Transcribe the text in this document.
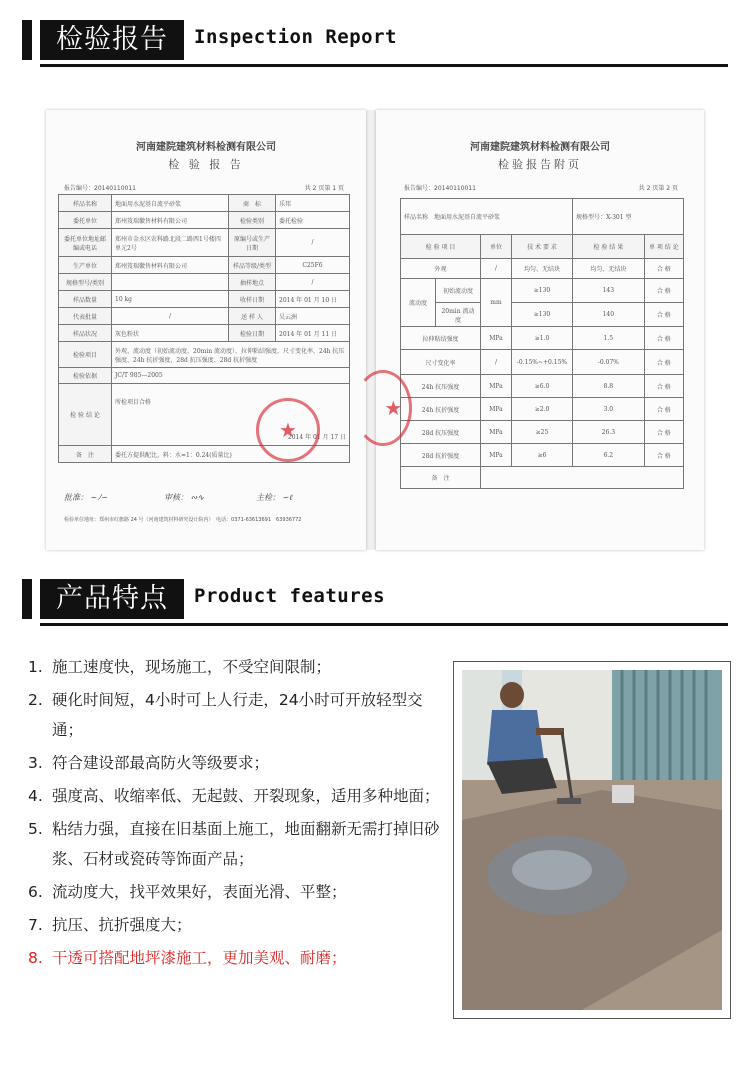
检验报告	Inspection Report
河南建院建筑材料检测有限公司
检 验 报 告
报告编号：20140110011	共 2 页第 1 页
样品名称	地面用水泥基自流平砂浆	商　标	乐邦
委托单位	郑州笈瑞徽售材料有限公司	检验类别	委托检验
委托单位地址邮编或电话	郑州市金水区农科路北段二路西1号楼四单元2号	原编号或生产日期	/
生产单位	郑州笈瑞徽售材料有限公司	样品等级/类型	C25F6
规格型号/类别		抽样地点	/
样品数量	10 kg	收样日期	2014 年 01 月 10 日
代表批量	/	送 样 人	吴云洲
样品状况	灰色粉状	检验日期	2014 年 01 月 11 日
检验项目	外观、流动度（初始流动度、20min 流动度）、拉伸粘结强度、尺寸变化率、24h 抗压强度、24h 抗折强度、28d 抗压强度、28d 抗折强度		
检验依据	JC/T 985—2005		
检 验 结 论	所检项目合格
2014 年 01 月 17 日		

备　注	委托方提供配比，料：水=1：0.24(质量比)		
★
批准： ∼ﾉ∽	审核： ∾∿	主检： ∽ℓ
检验单位地址：郑州市红旗路 24 号（河南建筑材料研究设计院内）　电话：0371-63613691　63936772
河南建院建筑材料检测有限公司
检验报告附页
报告编号：20140110011	共 2 页第 2 页
样品名称　 地面用水泥基自流平砂浆				规格型号：X-301 型	
检 验 项 目		单位	技 术 要 求	检 验 结 果	单 项 结 论
外观		/	均匀、无结块	均匀、无结块	合 格
流动度	初始流动度	mm	≥130	143	合 格
	20min 流动度		≥130	140	合 格
拉伸粘结强度		MPa	≥1.0	1.5	合 格
尺寸变化率		/	-0.15%~+0.15%	-0.07%	合 格
24h 抗压强度		MPa	≥6.0	8.8	合 格
24h 抗折强度		MPa	≥2.0	3.0	合 格
28d 抗压强度		MPa	≥25	26.3	合 格
28d 抗折强度		MPa	≥6	6.2	合 格
备　注					
★
产品特点	Product features
1. 施工速度快，现场施工，不受空间限制；
2. 硬化时间短，4小时可上人行走，24小时可开放轻型交通；
3. 符合建设部最高防火等级要求；
4. 强度高、收缩率低、无起鼓、开裂现象，适用多种地面；
5. 粘结力强，直接在旧基面上施工，地面翻新无需打掉旧砂浆、石材或瓷砖等饰面产品；
6. 流动度大，找平效果好，表面光滑、平整；
7. 抗压、抗折强度大；
8. 干透可搭配地坪漆施工，更加美观、耐磨；
